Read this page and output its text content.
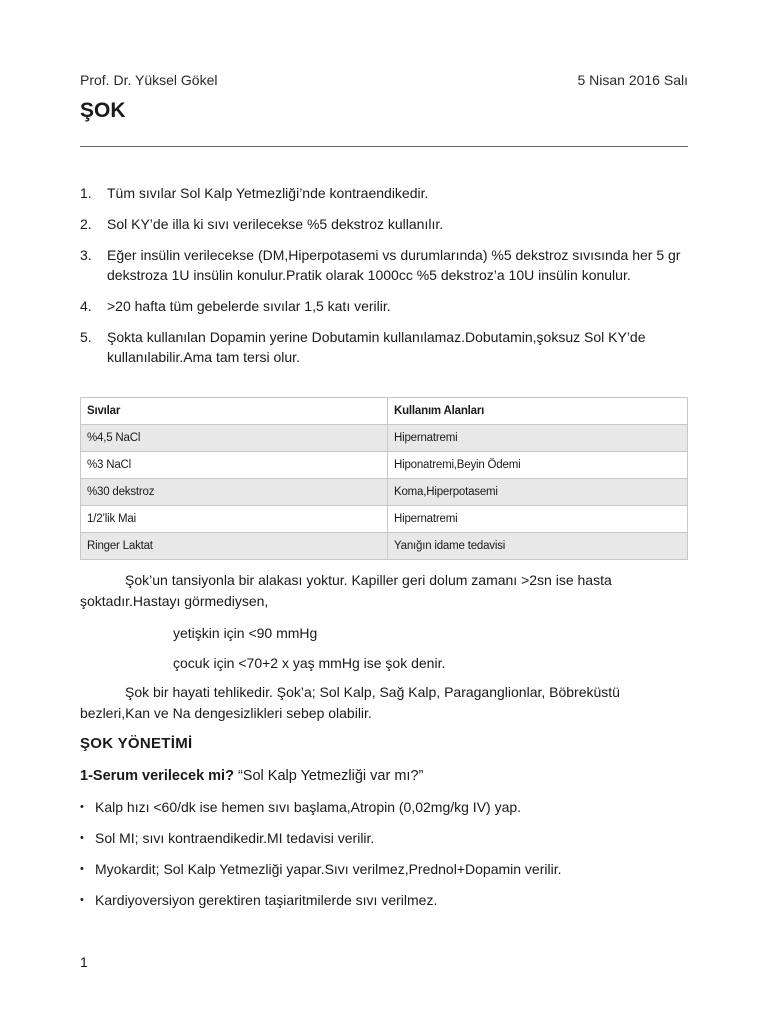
Prof. Dr. Yüksel Gökel	5 Nisan 2016 Salı
ŞOK
1. Tüm sıvılar Sol Kalp Yetmezliği’nde kontraendikedir.
2. Sol KY’de illa ki sıvı verilecekse %5 dekstroz kullanılır.
3. Eğer insülin verilecekse (DM,Hiperpotasemi vs durumlarında) %5 dekstroz sıvısında her 5 gr dekstroza 1U insülin konulur.Pratik olarak 1000cc %5 dekstroz’a 10U insülin konulur.
4. >20 hafta tüm gebelerde sıvılar 1,5 katı verilir.
5. Şokta kullanılan Dopamin yerine Dobutamin kullanılamaz.Dobutamin,şoksuz Sol KY’de kullanılabilir.Ama tam tersi olur.
Sıvılar	Kullanım Alanları
%4,5 NaCl	Hipernatremi
%3 NaCl	Hiponatremi,Beyin Ödemi
%30 dekstroz	Koma,Hiperpotasemi
1/2’lik Mai	Hipernatremi
Ringer Laktat	Yanığın idame tedavisi

Şok’un tansiyonla bir alakası yoktur. Kapiller geri dolum zamanı >2sn ise hasta şoktadır.Hastayı görmediysen,

yetişkin için <90 mmHg
çocuk için <70+2 x yaş mmHg ise şok denir.

Şok bir hayati tehlikedir. Şok’a; Sol Kalp, Sağ Kalp, Paraganglionlar, Böbreküstü bezleri,Kan ve Na dengesizlikleri sebep olabilir.

ŞOK YÖNETİMİ
1-Serum verilecek mi? “Sol Kalp Yetmezliği var mı?”
• Kalp hızı <60/dk ise hemen sıvı başlama,Atropin (0,02mg/kg IV) yap.
• Sol MI; sıvı kontraendikedir.MI tedavisi verilir.
• Myokardit; Sol Kalp Yetmezliği yapar.Sıvı verilmez,Prednol+Dopamin verilir.
• Kardiyoversiyon gerektiren taşiaritmilerde sıvı verilmez.
1
